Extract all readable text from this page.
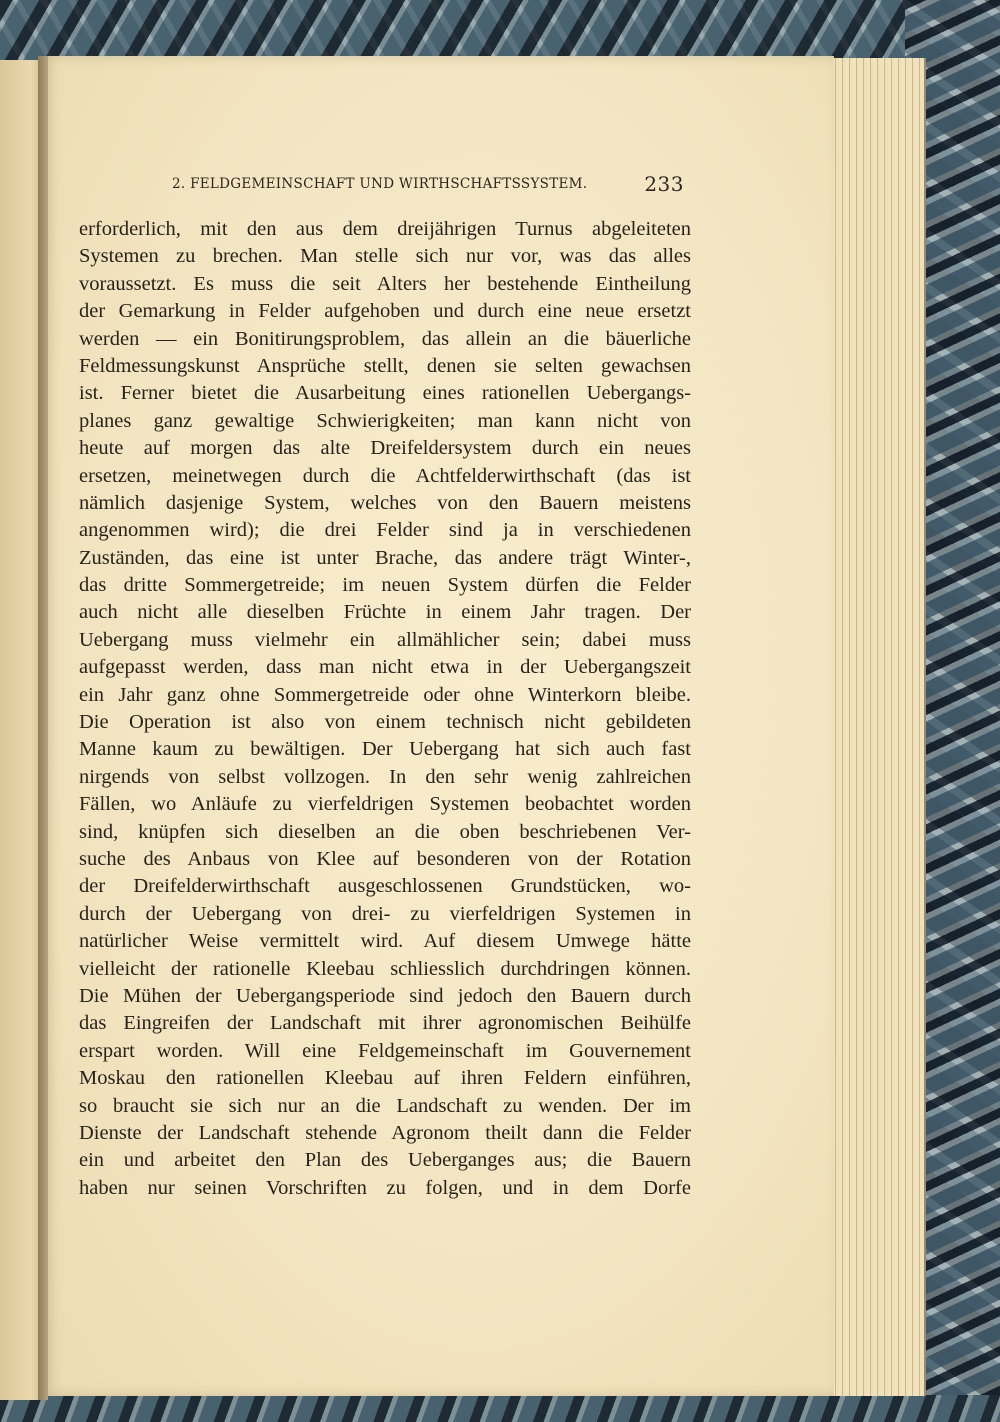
2. FELDGEMEINSCHAFT UND WIRTHSCHAFTSSYSTEM.	233
erforderlich, mit den aus dem dreijährigen Turnus abgeleiteten
Systemen zu brechen. Man stelle sich nur vor, was das alles
voraussetzt. Es muss die seit Alters her bestehende Eintheilung
der Gemarkung in Felder aufgehoben und durch eine neue ersetzt
werden — ein Bonitirungsproblem, das allein an die bäuerliche
Feldmessungskunst Ansprüche stellt, denen sie selten gewachsen
ist. Ferner bietet die Ausarbeitung eines rationellen Uebergangs-
planes ganz gewaltige Schwierigkeiten; man kann nicht von
heute auf morgen das alte Dreifeldersystem durch ein neues
ersetzen, meinetwegen durch die Achtfelderwirthschaft (das ist
nämlich dasjenige System, welches von den Bauern meistens
angenommen wird); die drei Felder sind ja in verschiedenen
Zuständen, das eine ist unter Brache, das andere trägt Winter-,
das dritte Sommergetreide; im neuen System dürfen die Felder
auch nicht alle dieselben Früchte in einem Jahr tragen. Der
Uebergang muss vielmehr ein allmählicher sein; dabei muss
aufgepasst werden, dass man nicht etwa in der Uebergangszeit
ein Jahr ganz ohne Sommergetreide oder ohne Winterkorn bleibe.
Die Operation ist also von einem technisch nicht gebildeten
Manne kaum zu bewältigen. Der Uebergang hat sich auch fast
nirgends von selbst vollzogen. In den sehr wenig zahlreichen
Fällen, wo Anläufe zu vierfeldrigen Systemen beobachtet worden
sind, knüpfen sich dieselben an die oben beschriebenen Ver-
suche des Anbaus von Klee auf besonderen von der Rotation
der Dreifelderwirthschaft ausgeschlossenen Grundstücken, wo-
durch der Uebergang von drei- zu vierfeldrigen Systemen in
natürlicher Weise vermittelt wird. Auf diesem Umwege hätte
vielleicht der rationelle Kleebau schliesslich durchdringen können.
Die Mühen der Uebergangsperiode sind jedoch den Bauern durch
das Eingreifen der Landschaft mit ihrer agronomischen Beihülfe
erspart worden. Will eine Feldgemeinschaft im Gouvernement
Moskau den rationellen Kleebau auf ihren Feldern einführen,
so braucht sie sich nur an die Landschaft zu wenden. Der im
Dienste der Landschaft stehende Agronom theilt dann die Felder
ein und arbeitet den Plan des Ueberganges aus; die Bauern
haben nur seinen Vorschriften zu folgen, und in dem Dorfe
